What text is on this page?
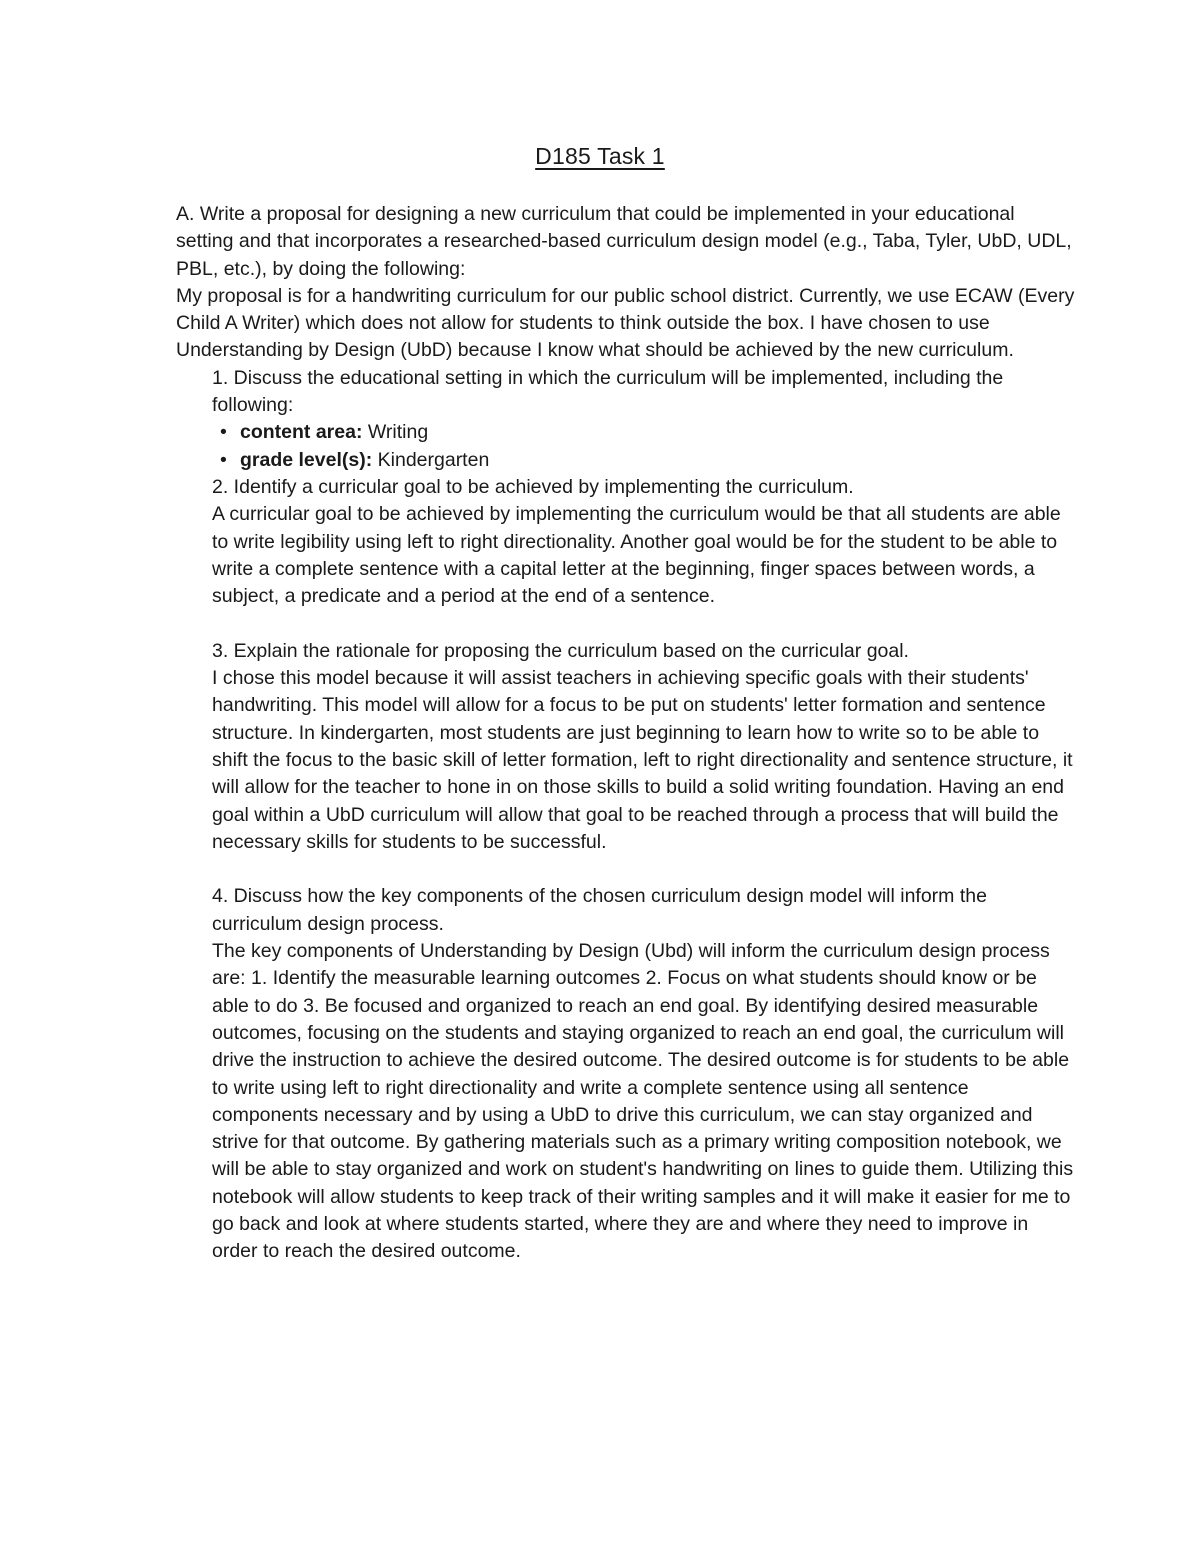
D185 Task 1

A. Write a proposal for designing a new curriculum that could be implemented in your educational setting and that incorporates a researched-based curriculum design model (e.g., Taba, Tyler, UbD, UDL, PBL, etc.), by doing the following:

My proposal is for a handwriting curriculum for our public school district. Currently, we use ECAW (Every Child A Writer) which does not allow for students to think outside the box. I have chosen to use Understanding by Design (UbD) because I know what should be achieved by the new curriculum.

1. Discuss the educational setting in which the curriculum will be implemented, including the following:

• content area: Writing
• grade level(s): Kindergarten

2. Identify a curricular goal to be achieved by implementing the curriculum.

A curricular goal to be achieved by implementing the curriculum would be that all students are able to write legibility using left to right directionality. Another goal would be for the student to be able to write a complete sentence with a capital letter at the beginning, finger spaces between words, a subject, a predicate and a period at the end of a sentence.

3. Explain the rationale for proposing the curriculum based on the curricular goal.

I chose this model because it will assist teachers in achieving specific goals with their students' handwriting. This model will allow for a focus to be put on students' letter formation and sentence structure. In kindergarten, most students are just beginning to learn how to write so to be able to shift the focus to the basic skill of letter formation, left to right directionality and sentence structure, it will allow for the teacher to hone in on those skills to build a solid writing foundation. Having an end goal within a UbD curriculum will allow that goal to be reached through a process that will build the necessary skills for students to be successful.

4. Discuss how the key components of the chosen curriculum design model will inform the curriculum design process.

The key components of Understanding by Design (Ubd) will inform the curriculum design process are: 1. Identify the measurable learning outcomes 2. Focus on what students should know or be able to do 3. Be focused and organized to reach an end goal. By identifying desired measurable outcomes, focusing on the students and staying organized to reach an end goal, the curriculum will drive the instruction to achieve the desired outcome. The desired outcome is for students to be able to write using left to right directionality and write a complete sentence using all sentence components necessary and by using a UbD to drive this curriculum, we can stay organized and strive for that outcome. By gathering materials such as a primary writing composition notebook, we will be able to stay organized and work on student's handwriting on lines to guide them. Utilizing this notebook will allow students to keep track of their writing samples and it will make it easier for me to go back and look at where students started, where they are and where they need to improve in order to reach the desired outcome.
